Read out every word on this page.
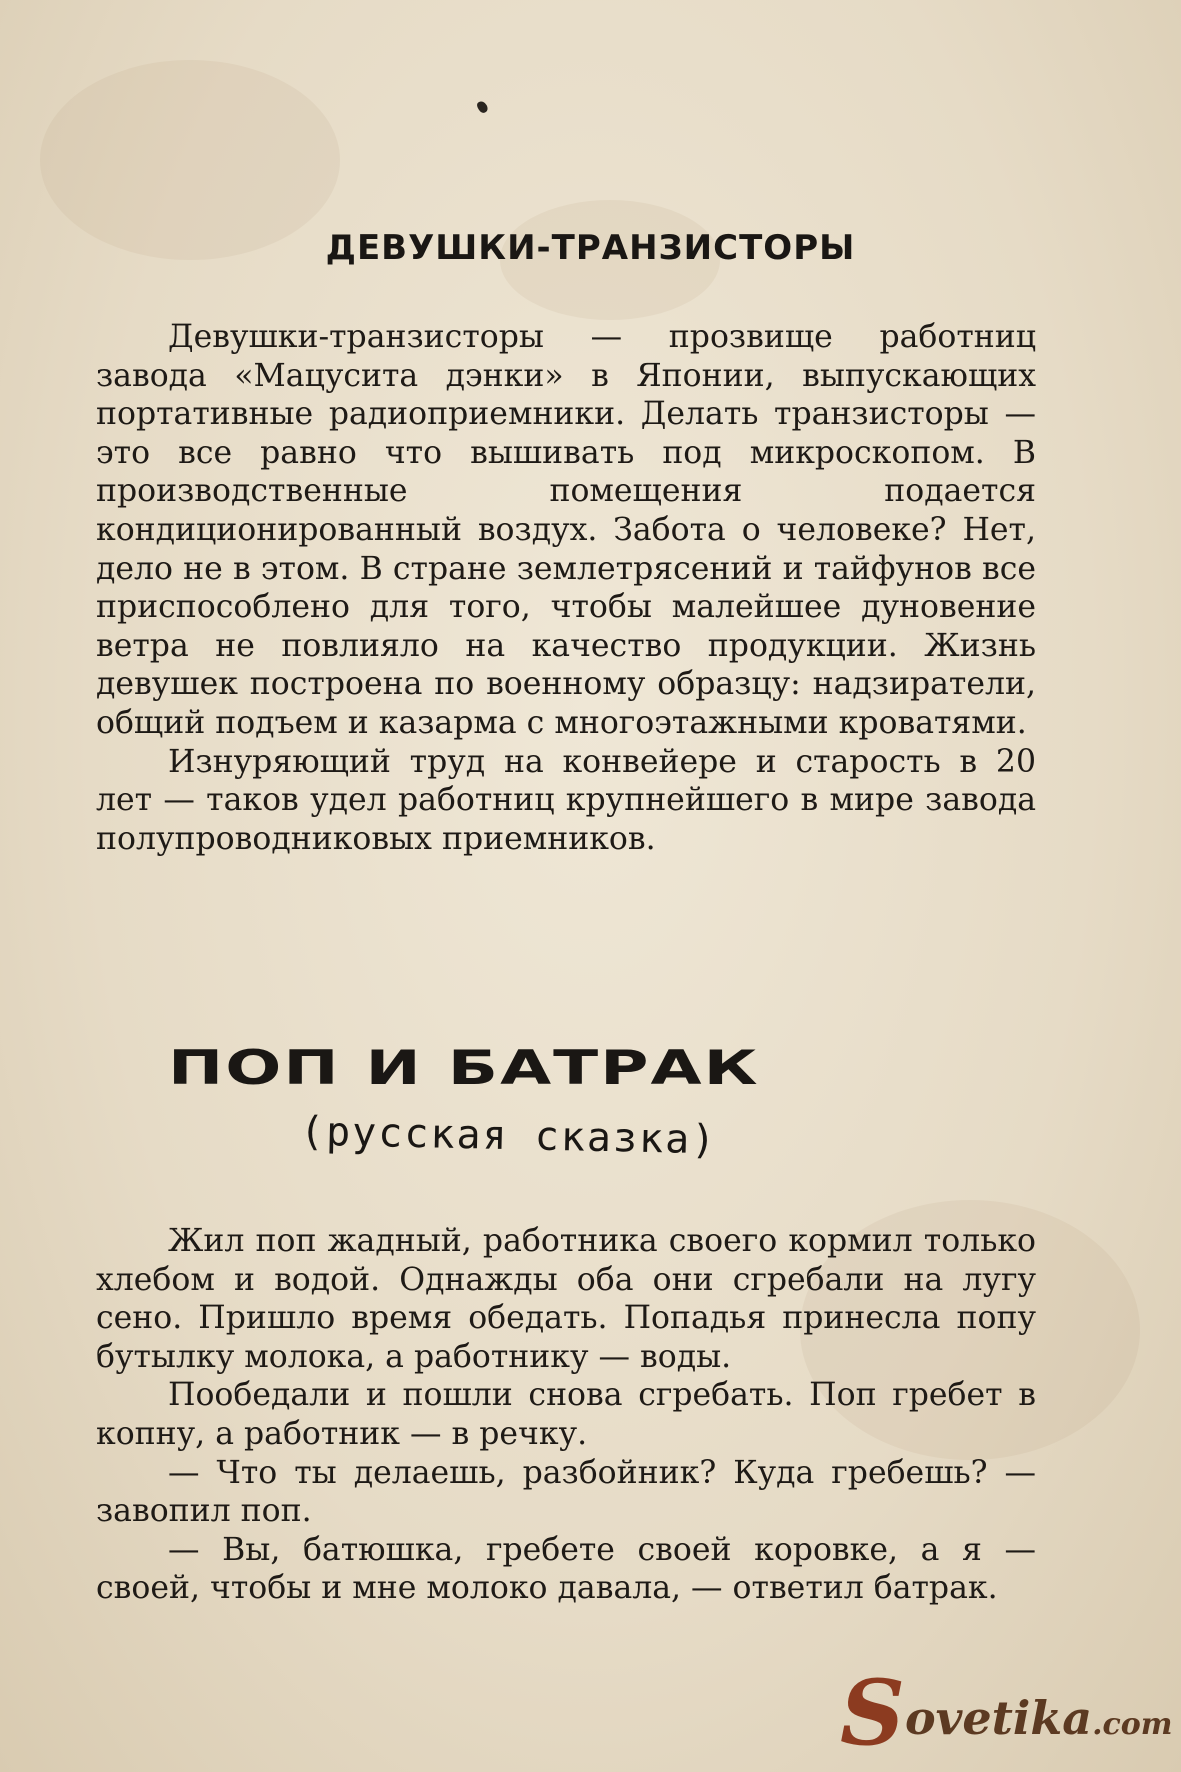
ДЕВУШКИ-ТРАНЗИСТОРЫ

Девушки-транзисторы — прозвище работниц завода «Мацусита дэнки» в Японии, выпускающих портативные радиоприемники. Делать транзисторы — это все равно что вышивать под микроскопом. В производственные помещения подается кондиционированный воздух. Забота о человеке? Нет, дело не в этом. В стране землетрясений и тайфунов все приспособлено для того, чтобы малейшее дуновение ветра не повлияло на качество продукции. Жизнь девушек построена по военному образцу: надзиратели, общий подъем и казарма с многоэтажными кроватями.

Изнуряющий труд на конвейере и старость в 20 лет — таков удел работниц крупнейшего в мире завода полупроводниковых приемников.

ПОП И БАТРАК
(русская сказка)

Жил поп жадный, работника своего кормил только хлебом и водой. Однажды оба они сгребали на лугу сено. Пришло время обедать. Попадья принесла попу бутылку молока, а работнику — воды.

Пообедали и пошли снова сгребать. Поп гребет в копну, а работник — в речку.

— Что ты делаешь, разбойник? Куда гребешь? — завопил поп.

— Вы, батюшка, гребете своей коровке, а я — своей, чтобы и мне молоко давала, — ответил батрак.

Sovetika.com
